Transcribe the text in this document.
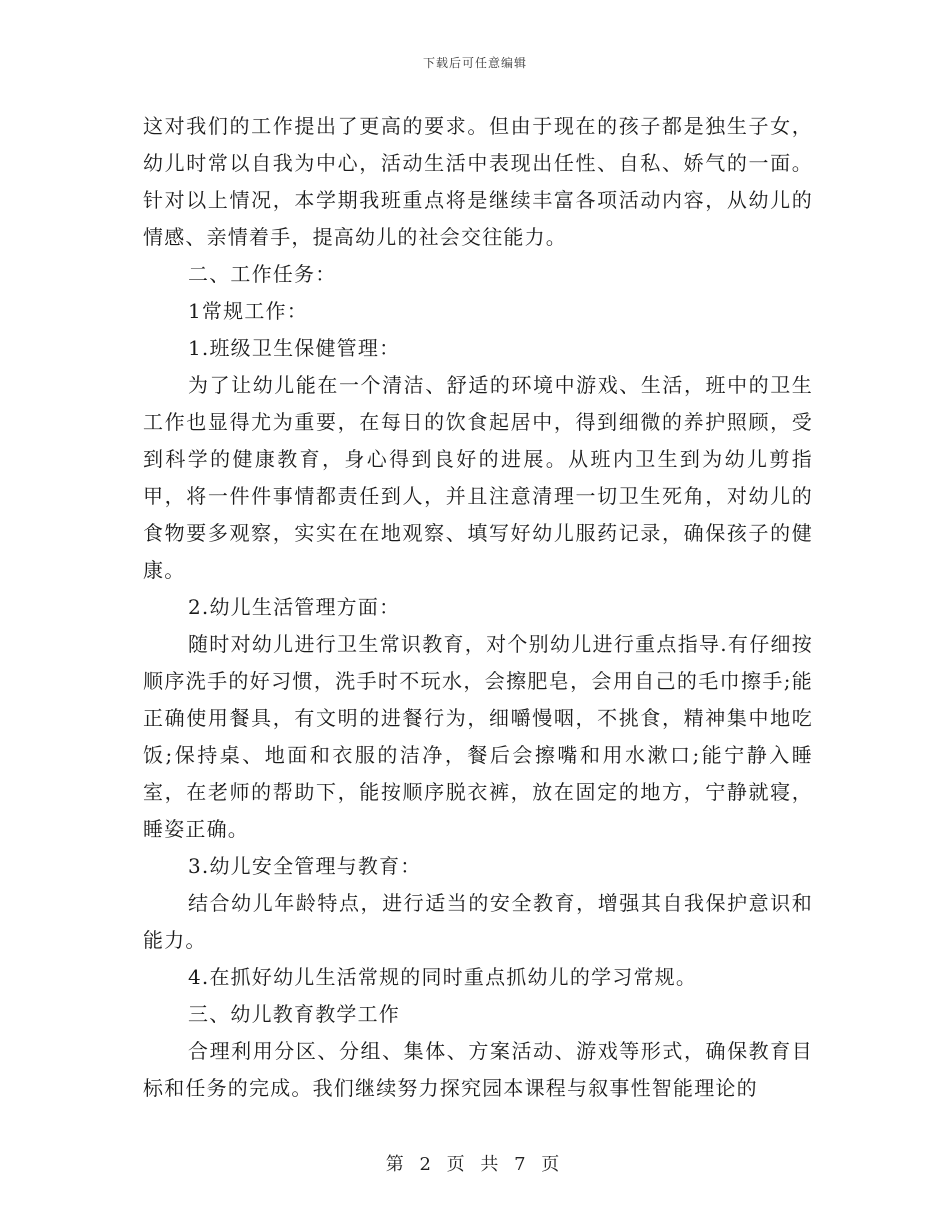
下载后可任意编辑

这对我们的工作提出了更高的要求。但由于现在的孩子都是独生子女，幼儿时常以自我为中心，活动生活中表现出任性、自私、娇气的一面。针对以上情况，本学期我班重点将是继续丰富各项活动内容，从幼儿的情感、亲情着手，提高幼儿的社会交往能力。

二、工作任务：

1常规工作：

1.班级卫生保健管理：

为了让幼儿能在一个清洁、舒适的环境中游戏、生活，班中的卫生工作也显得尤为重要，在每日的饮食起居中，得到细微的养护照顾，受到科学的健康教育，身心得到良好的进展。从班内卫生到为幼儿剪指甲，将一件件事情都责任到人，并且注意清理一切卫生死角，对幼儿的食物要多观察，实实在在地观察、填写好幼儿服药记录，确保孩子的健康。

2.幼儿生活管理方面：

随时对幼儿进行卫生常识教育，对个别幼儿进行重点指导.有仔细按顺序洗手的好习惯，洗手时不玩水，会擦肥皂，会用自己的毛巾擦手;能正确使用餐具，有文明的进餐行为，细嚼慢咽，不挑食，精神集中地吃饭;保持桌、地面和衣服的洁净，餐后会擦嘴和用水漱口;能宁静入睡室，在老师的帮助下，能按顺序脱衣裤，放在固定的地方，宁静就寝，睡姿正确。

3.幼儿安全管理与教育：

结合幼儿年龄特点，进行适当的安全教育，增强其自我保护意识和能力。

4.在抓好幼儿生活常规的同时重点抓幼儿的学习常规。

三、幼儿教育教学工作

合理利用分区、分组、集体、方案活动、游戏等形式，确保教育目标和任务的完成。我们继续努力探究园本课程与叙事性智能理论的

第 2 页 共 7 页
